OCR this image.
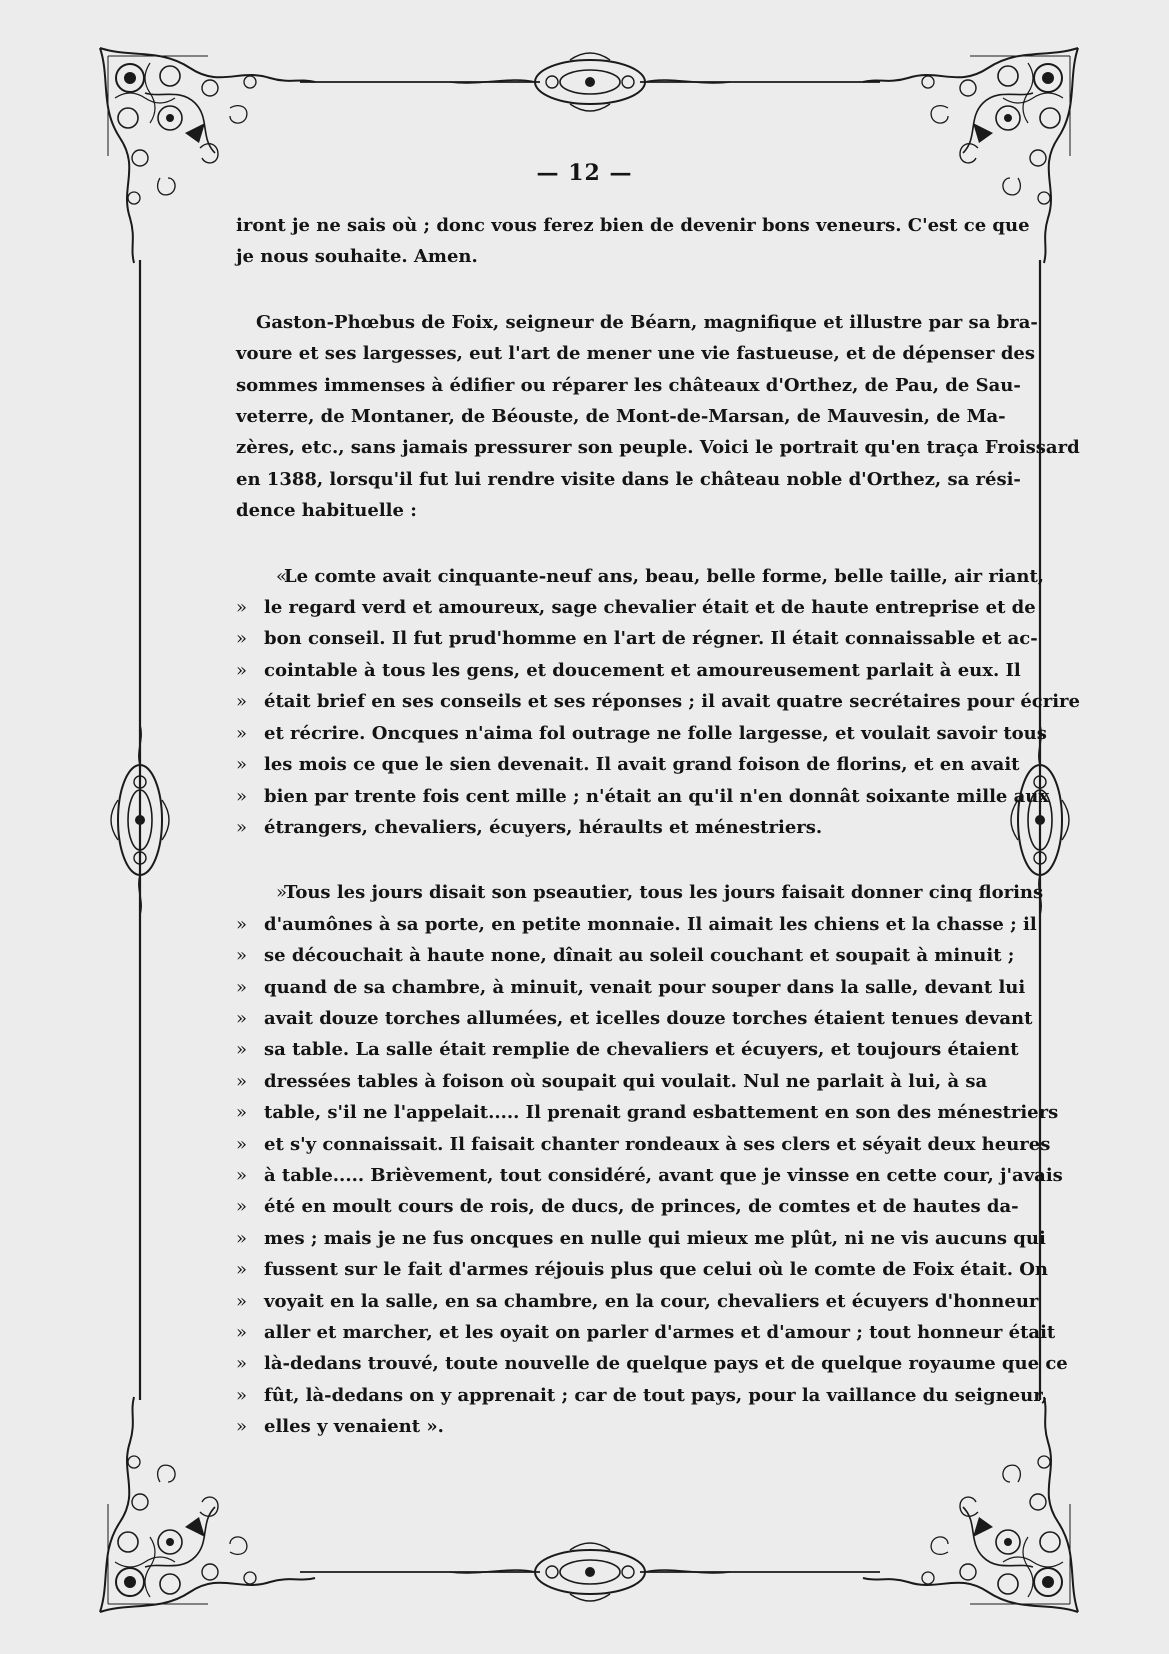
— 12 —
iront je ne sais où ; donc vous ferez bien de devenir bons veneurs. C'est ce que
je nous souhaite. Amen.
Gaston-Phœbus de Foix, seigneur de Béarn, magnifique et illustre par sa bra-
voure et ses largesses, eut l'art de mener une vie fastueuse, et de dépenser des
sommes immenses à édifier ou réparer les châteaux d'Orthez, de Pau, de Sau-
veterre, de Montaner, de Béouste, de Mont-de-Marsan, de Mauvesin, de Ma-
zères, etc., sans jamais pressurer son peuple. Voici le portrait qu'en traça Froissard
en 1388, lorsqu'il fut lui rendre visite dans le château noble d'Orthez, sa rési-
dence habituelle :
«Le comte avait cinquante-neuf ans, beau, belle forme, belle taille, air riant,
» le regard verd et amoureux, sage chevalier était et de haute entreprise et de
» bon conseil. Il fut prud'homme en l'art de régner. Il était connaissable et ac-
» cointable à tous les gens, et doucement et amoureusement parlait à eux. Il
» était brief en ses conseils et ses réponses ; il avait quatre secrétaires pour écrire
» et récrire. Oncques n'aima fol outrage ne folle largesse, et voulait savoir tous
» les mois ce que le sien devenait. Il avait grand foison de florins, et en avait
» bien par trente fois cent mille ; n'était an qu'il n'en donnât soixante mille aux
» étrangers, chevaliers, écuyers, héraults et ménestriers.
»Tous les jours disait son pseautier, tous les jours faisait donner cinq florins
» d'aumônes à sa porte, en petite monnaie. Il aimait les chiens et la chasse ; il
» se découchait à haute none, dînait au soleil couchant et soupait à minuit ;
» quand de sa chambre, à minuit, venait pour souper dans la salle, devant lui
» avait douze torches allumées, et icelles douze torches étaient tenues devant
» sa table. La salle était remplie de chevaliers et écuyers, et toujours étaient
» dressées tables à foison où soupait qui voulait. Nul ne parlait à lui, à sa
» table, s'il ne l'appelait..... Il prenait grand esbattement en son des ménestriers
» et s'y connaissait. Il faisait chanter rondeaux à ses clers et séyait deux heures
» à table..... Brièvement, tout considéré, avant que je vinsse en cette cour, j'avais
» été en moult cours de rois, de ducs, de princes, de comtes et de hautes da-
» mes ; mais je ne fus oncques en nulle qui mieux me plût, ni ne vis aucuns qui
» fussent sur le fait d'armes réjouis plus que celui où le comte de Foix était. On
» voyait en la salle, en sa chambre, en la cour, chevaliers et écuyers d'honneur
» aller et marcher, et les oyait on parler d'armes et d'amour ; tout honneur était
» là-dedans trouvé, toute nouvelle de quelque pays et de quelque royaume que ce
» fût, là-dedans on y apprenait ; car de tout pays, pour la vaillance du seigneur,
» elles y venaient ».
